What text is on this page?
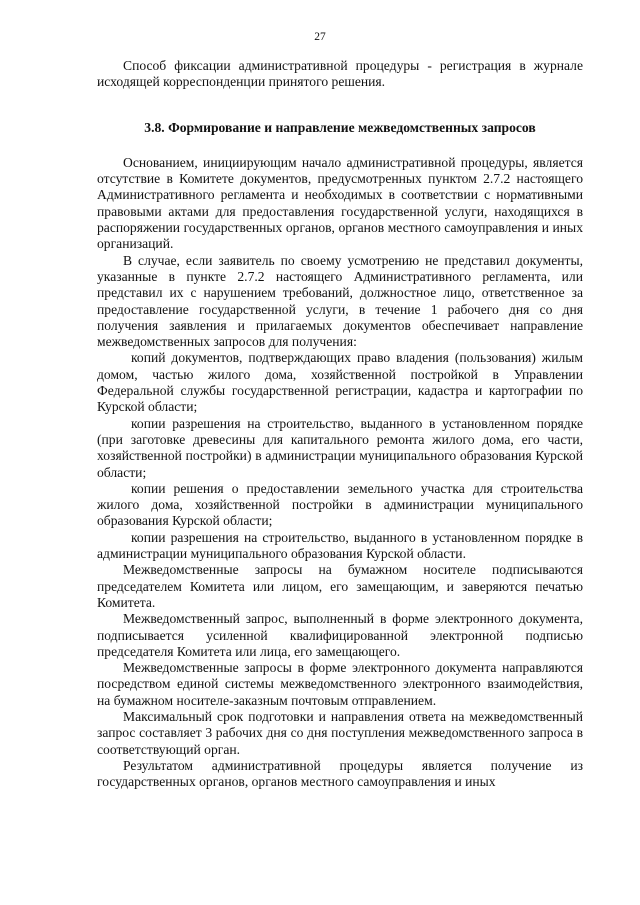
27

Способ фиксации административной процедуры - регистрация в журнале исходящей корреспонденции принятого решения.

3.8. Формирование и направление межведомственных запросов

Основанием, инициирующим начало административной процедуры, является отсутствие в Комитете документов, предусмотренных пунктом 2.7.2 настоящего Административного регламента и необходимых в соответствии с нормативными правовыми актами для предоставления государственной услуги, находящихся в распоряжении государственных органов, органов местного самоуправления и иных организаций.

В случае, если заявитель по своему усмотрению не представил документы, указанные в пункте 2.7.2 настоящего Административного регламента, или представил их с нарушением требований, должностное лицо, ответственное за предоставление государственной услуги, в течение 1 рабочего дня со дня получения заявления и прилагаемых документов обеспечивает направление межведомственных запросов для получения:

копий документов, подтверждающих право владения (пользования) жилым домом, частью жилого дома, хозяйственной постройкой в Управлении Федеральной службы государственной регистрации, кадастра и картографии по Курской области;

копии разрешения на строительство, выданного в установленном порядке (при заготовке древесины для капитального ремонта жилого дома, его части, хозяйственной постройки) в администрации муниципального образования Курской области;

копии решения о предоставлении земельного участка для строительства жилого дома, хозяйственной постройки в администрации муниципального образования Курской области;

копии разрешения на строительство, выданного в установленном порядке в администрации муниципального образования Курской области.

Межведомственные запросы на бумажном носителе подписываются председателем Комитета или лицом, его замещающим, и заверяются печатью Комитета.

Межведомственный запрос, выполненный в форме электронного документа, подписывается усиленной квалифицированной электронной подписью председателя Комитета или лица, его замещающего.

Межведомственные запросы в форме электронного документа направляются посредством единой системы межведомственного электронного взаимодействия, на бумажном носителе-заказным почтовым отправлением.

Максимальный срок подготовки и направления ответа на межведомственный запрос составляет 3 рабочих дня со дня поступления межведомственного запроса в соответствующий орган.

Результатом административной процедуры является получение из государственных органов, органов местного самоуправления и иных
